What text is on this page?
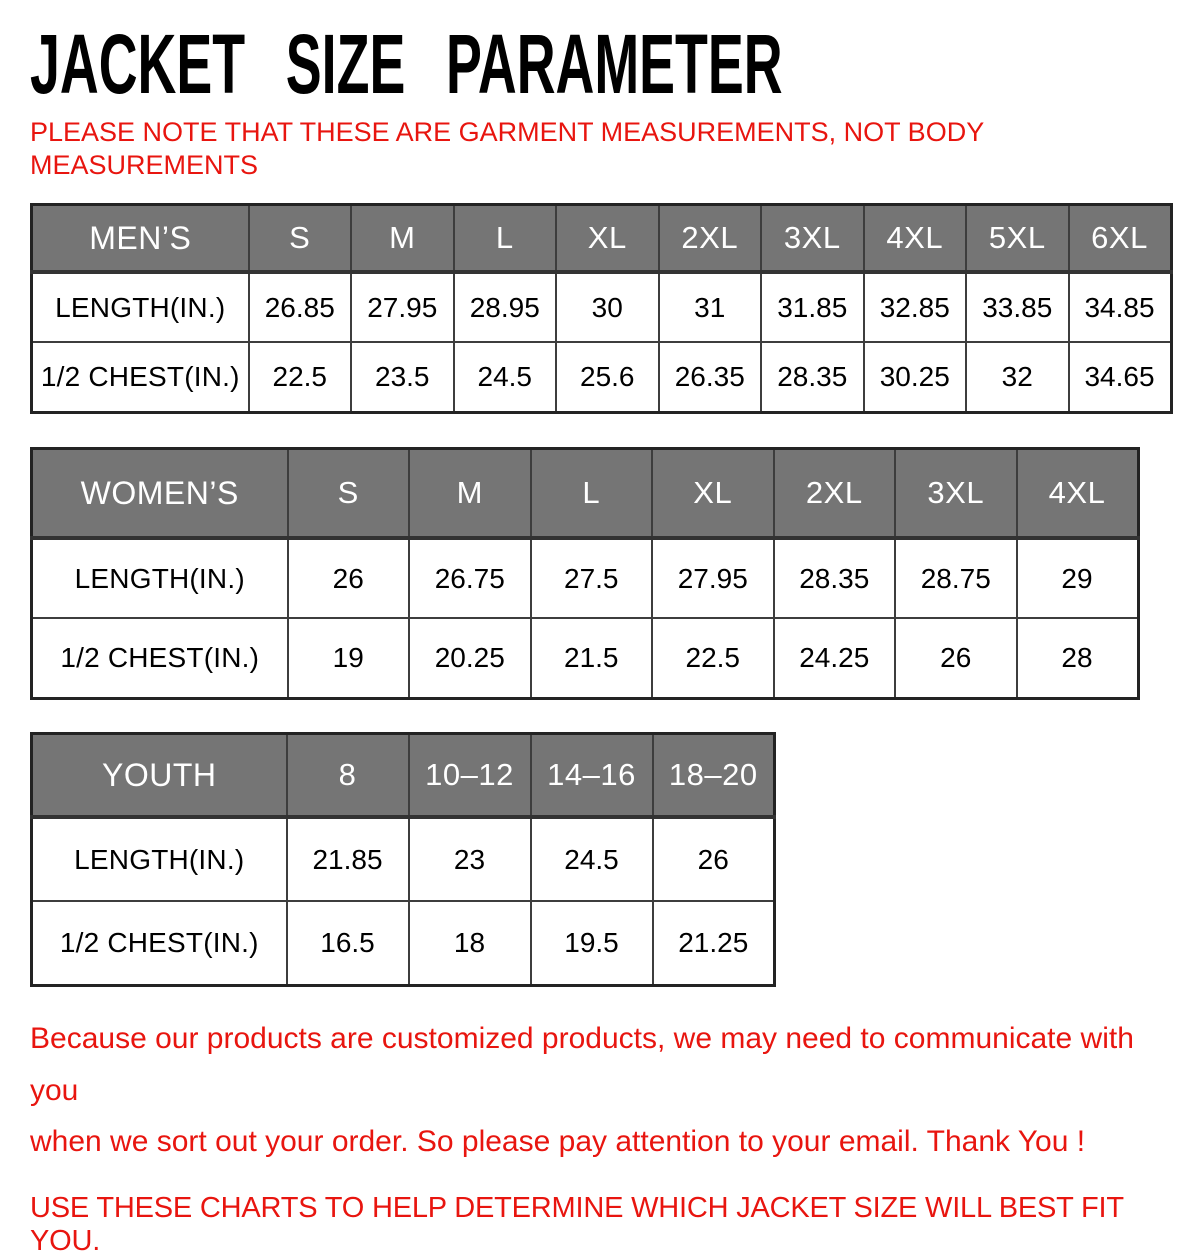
JACKET SIZE PARAMETER

PLEASE NOTE THAT THESE ARE GARMENT MEASUREMENTS, NOT BODY
MEASUREMENTS

MEN’S	S	M	L	XL	2XL	3XL	4XL	5XL	6XL
LENGTH(IN.)	26.85	27.95	28.95	30	31	31.85	32.85	33.85	34.85
1/2 CHEST(IN.)	22.5	23.5	24.5	25.6	26.35	28.35	30.25	32	34.65
WOMEN’S	S	M	L	XL	2XL	3XL	4XL
LENGTH(IN.)	26	26.75	27.5	27.95	28.35	28.75	29
1/2 CHEST(IN.)	19	20.25	21.5	22.5	24.25	26	28
YOUTH	8	10–12	14–16	18–20
LENGTH(IN.)	21.85	23	24.5	26
1/2 CHEST(IN.)	16.5	18	19.5	21.25

Because our products are customized products, we may need to communicate with you
when we sort out your order. So please pay attention to your email. Thank You !

USE THESE CHARTS TO HELP DETERMINE WHICH JACKET SIZE WILL BEST FIT YOU.
